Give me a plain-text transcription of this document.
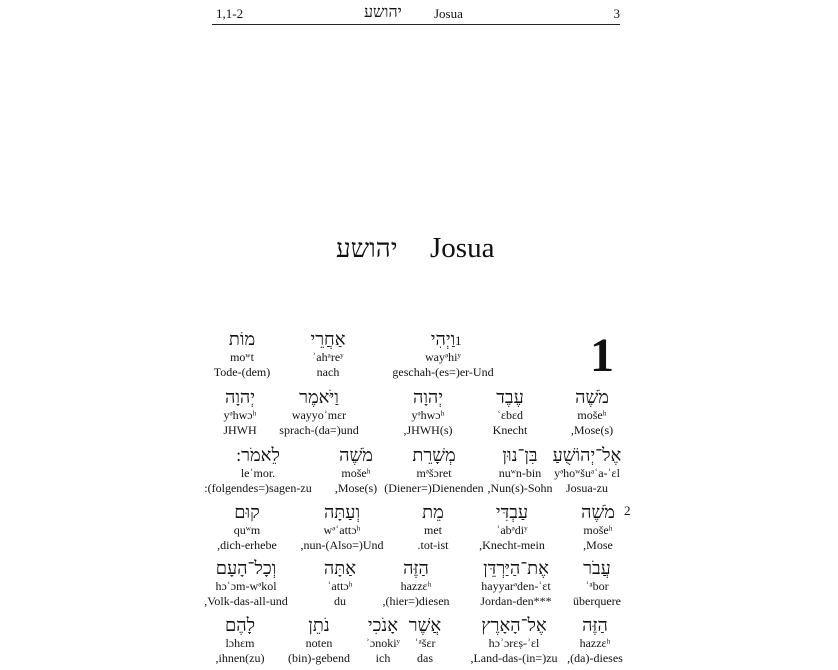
1,1-2	יהושע Josua	3
יהושע Josua
1
1
2
וַיְהִי
wayᵊhiʸ
geschah-(es=)er-Und
אַחֲרֵי
ʾahᵃreʸ
nach
מוֹת
moʷt
Tode-(dem)
מֹשֶׁה
mošeʰ
,Mose(s)
עֶבֶד
ʿɛbɛd
Knecht
יְהוָה
yᵊhwɔʰ
,JHWH(s)
וַיֹּאמֶר
wayyoʾmɛr
sprach-(da=)und
יְהוָה
yᵊhwɔʰ
JHWH
אֶל־יְהוֹשֻׁעַ
yᵊhoʷšuᵃʿa-ʾɛl
Josua-zu
בִּן־נוּן
nuʷn-bin
,Nun(s)-Sohn
מְשָׁרֵת
mᵊšɔret
(Diener=)Dienenden
מֹשֶׁה
mošeʰ
,Mose(s)
לֵאמֹר:
leʾmor.
:(folgendes=)sagen-zu
מֹשֶׁה
mošeʰ
,Mose
עַבְדִּי
ʿabᵊdiʸ
,Knecht-mein
מֵת
met
.tot-ist
וְעַתָּה
wᵊʿattɔʰ
,nun-(Also=)Und
קוּם
quʷm
,dich-erhebe
עֲבֹר
ʿᵃbor
überquere
אֶת־הַיַּרְדֵּן
hayyarᵊden-ʾɛt
Jordan-den***
הַזֶּה
hazzɛʰ
,(hier=)diesen
אַתָּה
ʾattɔʰ
du
וְכָל־הָעָם
hɔʿɔm-wᵊkol
,Volk-das-all-und
הַזֶּה
hazzɛʰ
,(da)-dieses
אֶל־הָאָרֶץ
hɔʾɔrɛṣ-ʾɛl
,Land-das-(in=)zu
אֲשֶׁר
ʾᵃšɛr
das
אָנֹכִי
ʾɔnokiʸ
ich
נֹתֵן
noten
(bin)-gebend
לָהֶם
lɔhɛm
,ihnen(zu)
